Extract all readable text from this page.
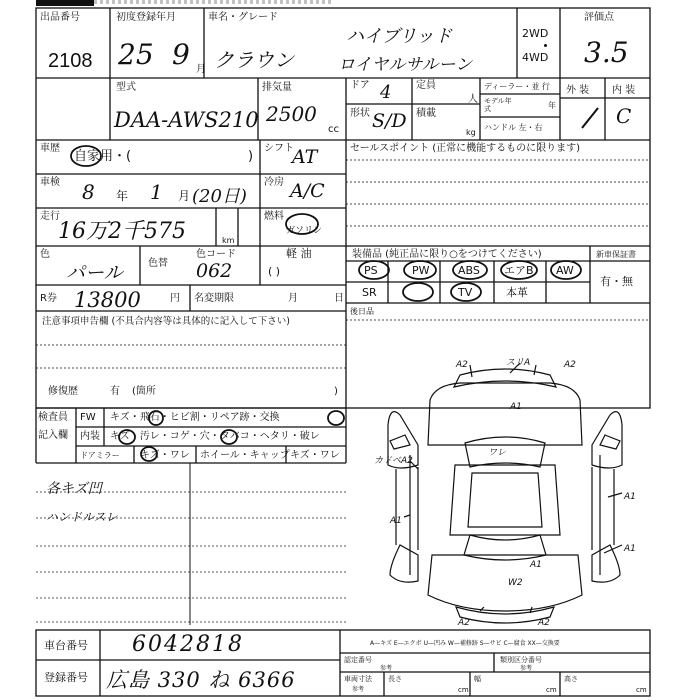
出品番号
2108
初度登録年月
25 9 月
車名・グレード
クラウン
ハイブリッド
ロイヤルサルーン
2WD
4WD
評価点
3.5
型式
DAA-AWS210
排気量
2500
cc
ドア 4
形状 S/D
定員
人
積載
kg
ディーラー・並 行
モデル年式	年
ハンドル 左・右
外 装 内 装
C
車歴
自家用・(	)
シフト
AT
車検 8 年 1 月 (20日)
冷房 A/C
走行
16万2千575	km
燃料
ガソリン
軽 油
( )
色
パール	色替
色コード
062
R券 13800	円 名変期限	月	日
注意事項申告欄 (不具合内容等は具体的に記入して下さい)
修復歴	有 (箇所	)
セールスポイント (正常に機能するものに限ります)
装備品 (純正品に限り○をつけてください)	新車保証書
有・無
PS	PW	ABS エアB AW
SR	TV	本革
後日品
検査員
記入欄
FW キズ・飛石・ヒビ割・リペア跡・交換
内装 キズ・汚レ・コゲ・穴・タバコ・ヘタリ・破レ
ドアミラー キズ・ワレ ホイール・キャップ キズ・ワレ
各キズ凹
ハンドルスレ
A2	スリA	A2
A1
ワレ
カドベA2
A1
A1
A1
A1
W2
A2	A2
車台番号 6042818
登録番号 広島 330 ね 6366
A—キズ E—エクボ U—凹み W—補修跡 S—サビ C—腐食 XX—交換要
認定番号
参考
類別区分番号
参考
車両寸法
参考
長さ
cm
幅
cm
高さ
cm
